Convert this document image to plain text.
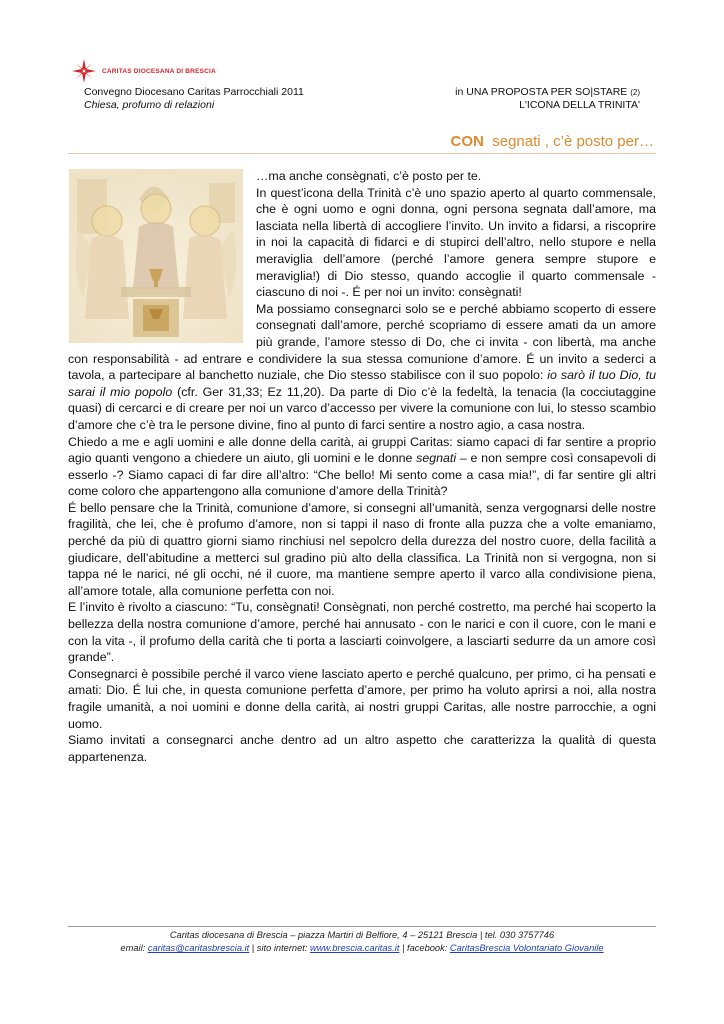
CARITAS DIOCESANA DI BRESCIA
Convegno Diocesano Caritas Parrocchiali 2011
Chiesa, profumo di relazioni
in UNA PROPOSTA PER SO|STARE (2)
L'ICONA DELLA TRINITA'
CON segnati , c’è posto per…

…ma anche consègnati, c’è posto per te.

In quest’icona della Trinità c’è uno spazio aperto al quarto commensale, che è ogni uomo e ogni donna, ogni persona segnata dall’amore, ma lasciata nella libertà di accogliere l’invito. Un invito a fidarsi, a riscoprire in noi la capacità di fidarci e di stupirci dell’altro, nello stupore e nella meraviglia dell’amore (perché l’amore genera sempre stupore e meraviglia!) di Dio stesso, quando accoglie il quarto commensale - ciascuno di noi -. É per noi un invito: consègnati!

Ma possiamo consegnarci solo se e perché abbiamo scoperto di essere consegnati dall’amore, perché scopriamo di essere amati da un amore più grande, l’amore stesso di Do, che ci invita - con libertà, ma anche con responsabilità - ad entrare e condividere la sua stessa comunione d’amore. É un invito a sederci a tavola, a partecipare al banchetto nuziale, che Dio stesso stabilisce con il suo popolo: io sarò il tuo Dio, tu sarai il mio popolo (cfr. Ger 31,33; Ez 11,20). Da parte di Dio c’è la fedeltà, la tenacia (la cocciutaggine quasi) di cercarci e di creare per noi un varco d’accesso per vivere la comunione con lui, lo stesso scambio d’amore che c’è tra le persone divine, fino al punto di farci sentire a nostro agio, a casa nostra.

Chiedo a me e agli uomini e alle donne della carità, ai gruppi Caritas: siamo capaci di far sentire a proprio agio quanti vengono a chiedere un aiuto, gli uomini e le donne segnati – e non sempre così consapevoli di esserlo -? Siamo capaci di far dire all’altro: “Che bello! Mi sento come a casa mia!”, di far sentire gli altri come coloro che appartengono alla comunione d’amore della Trinità?

É bello pensare che la Trinità, comunione d’amore, si consegni all’umanità, senza vergognarsi delle nostre fragilità, che lei, che è profumo d’amore, non si tappi il naso di fronte alla puzza che a volte emaniamo, perché da più di quattro giorni siamo rinchiusi nel sepolcro della durezza del nostro cuore, della facilità a giudicare, dell’abitudine a metterci sul gradino più alto della classifica. La Trinità non si vergogna, non si tappa né le narici, né gli occhi, né il cuore, ma mantiene sempre aperto il varco alla condivisione piena, all’amore totale, alla comunione perfetta con noi.

E l’invito è rivolto a ciascuno: “Tu, consègnati! Consègnati, non perché costretto, ma perché hai scoperto la bellezza della nostra comunione d’amore, perché hai annusato - con le narici e con il cuore, con le mani e con la vita -, il profumo della carità che ti porta a lasciarti coinvolgere, a lasciarti sedurre da un amore così grande”.

Consegnarci è possibile perché il varco viene lasciato aperto e perché qualcuno, per primo, ci ha pensati e amati: Dio. É lui che, in questa comunione perfetta d’amore, per primo ha voluto aprirsi a noi, alla nostra fragile umanità, a noi uomini e donne della carità, ai nostri gruppi Caritas, alle nostre parrocchie, a ogni uomo.

Siamo invitati a consegnarci anche dentro ad un altro aspetto che caratterizza la qualità di questa appartenenza.

Caritas diocesana di Brescia – piazza Martiri di Belfiore, 4 – 25121 Brescia | tel. 030 3757746
email: caritas@caritasbrescia.it | sito internet: www.brescia.caritas.it | facebook: CaritasBrescia Volontariato Giovanile
